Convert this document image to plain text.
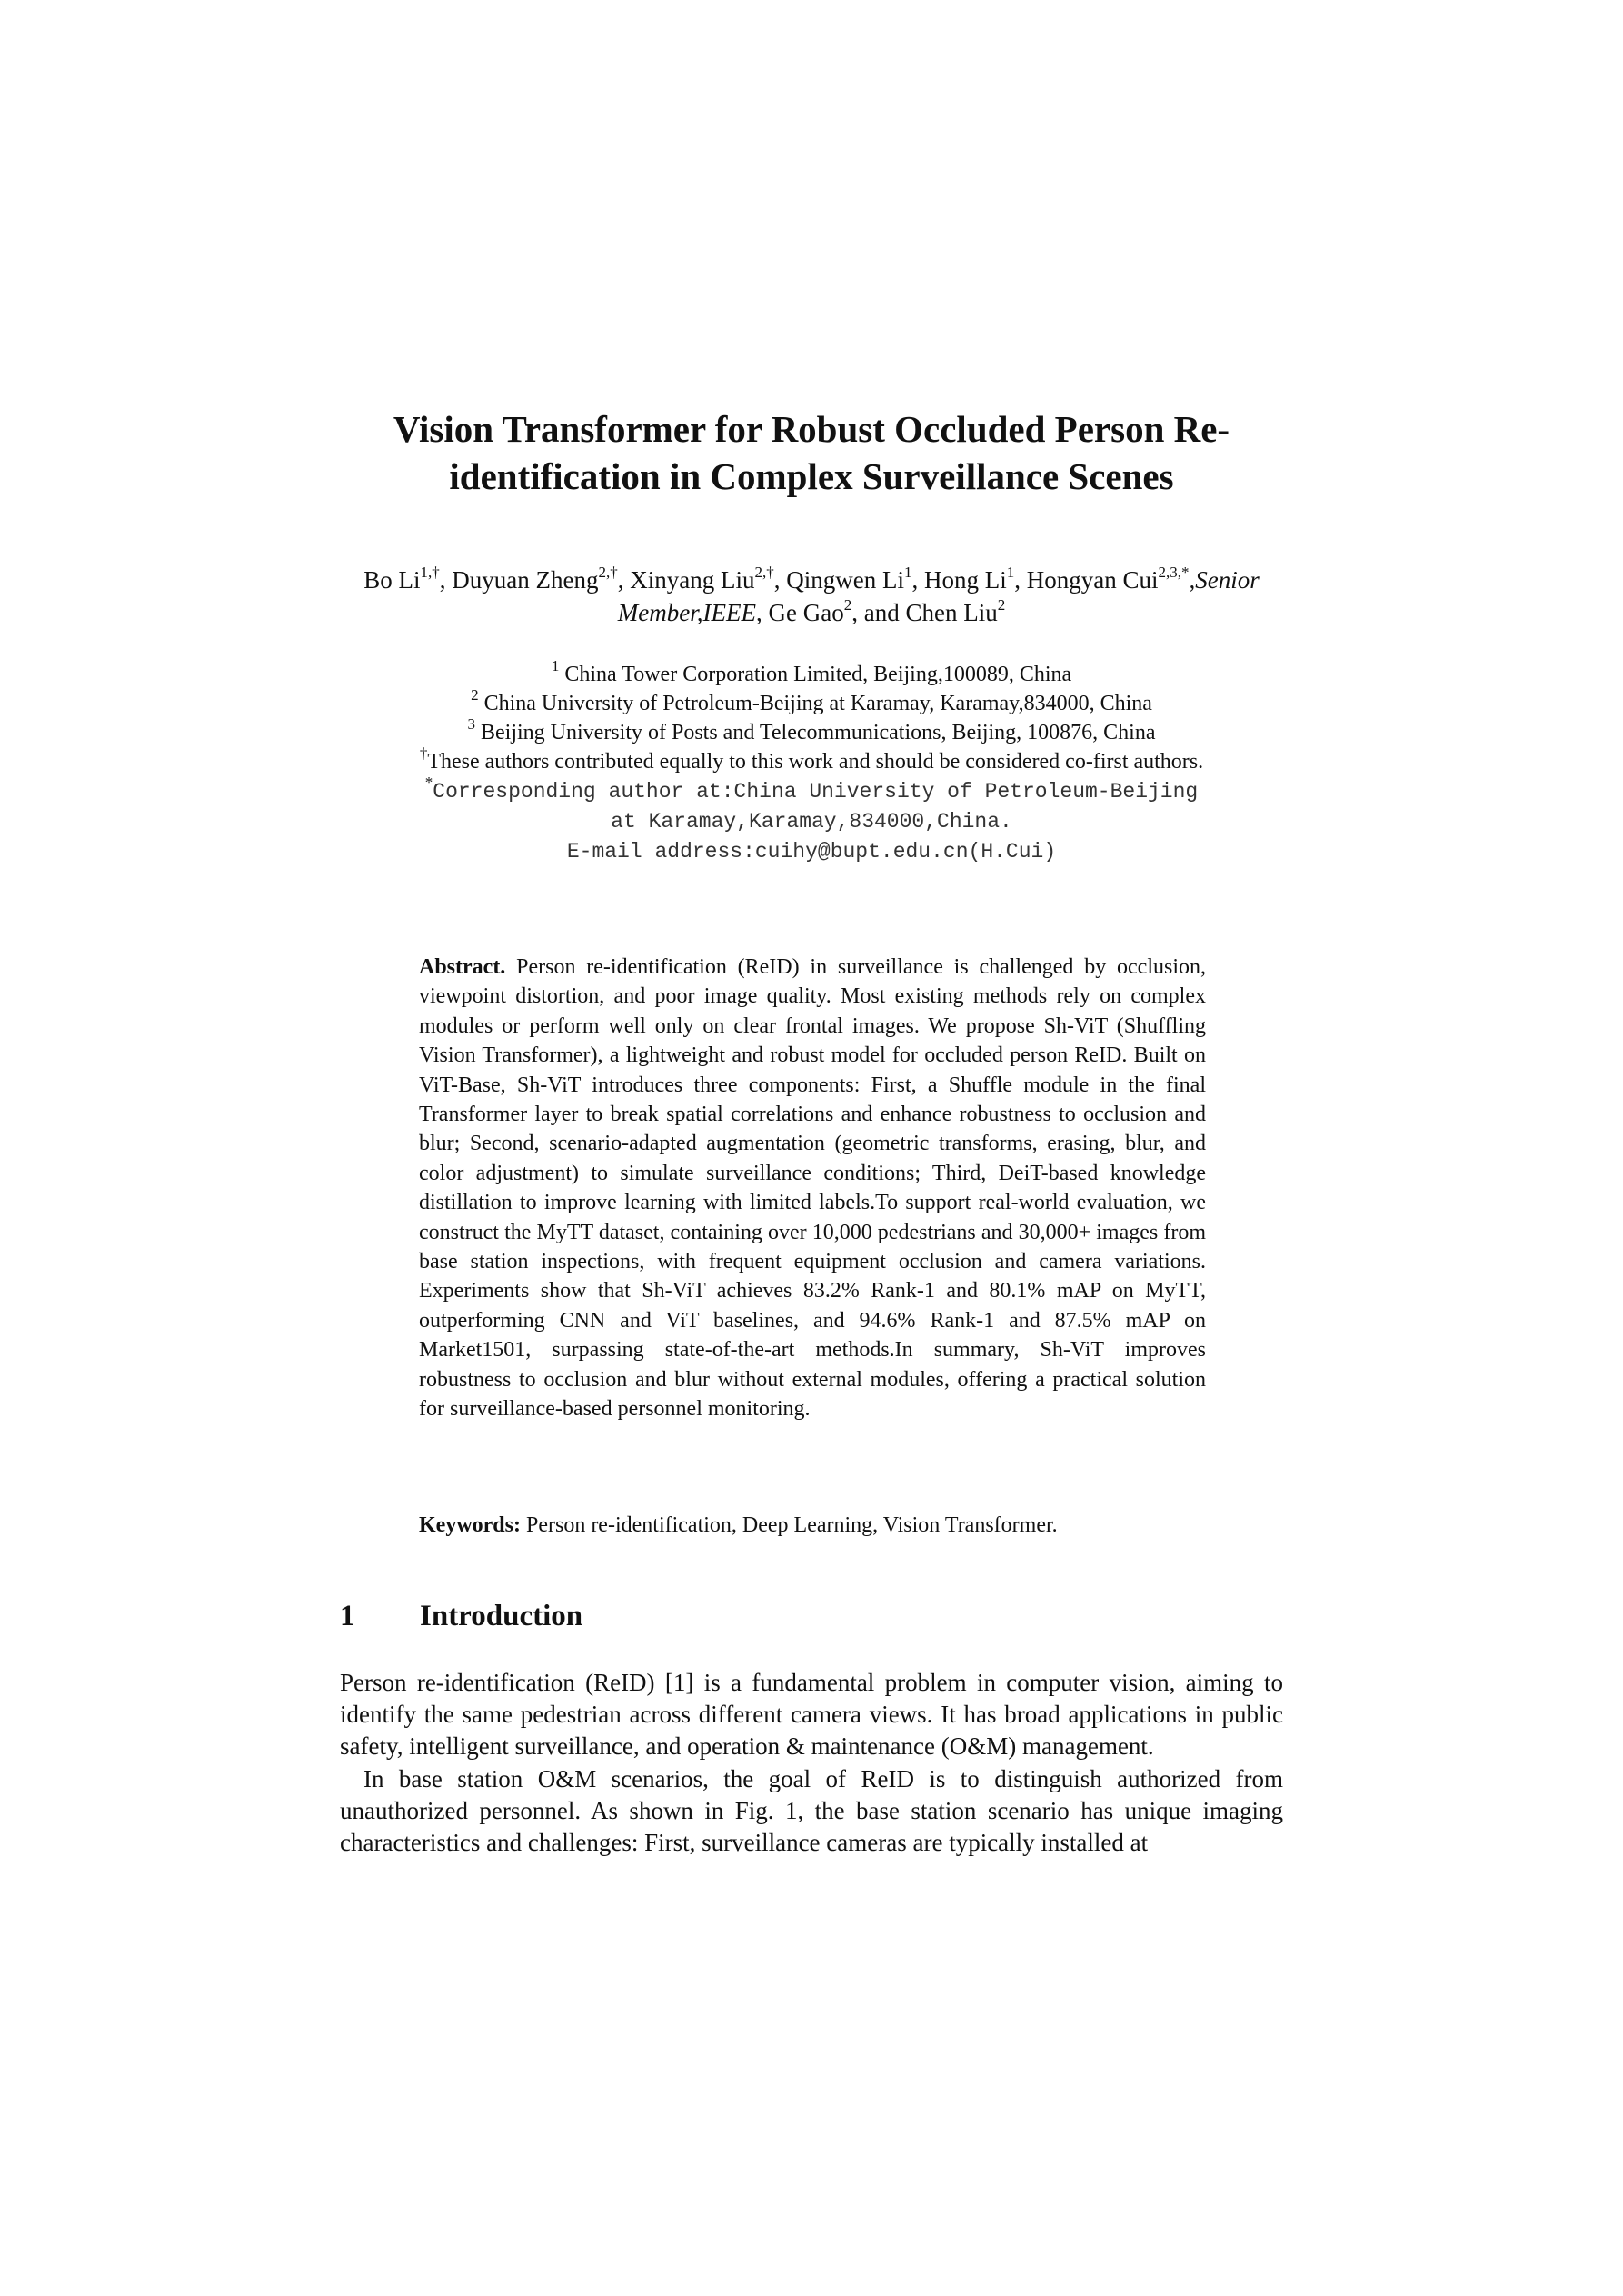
Vision Transformer for Robust Occluded Person Re-
identification in Complex Surveillance Scenes
Bo $Li^{1,\dagger}$, Duyuan Zheng$^{2,\dagger}$, Xinyang Liu$^{2,\dagger}$, Qingwen Li$^1$, Hong Li$^1$, Hongyan Cui$^{2,3,*}$,Senior Member,IEEE, Ge Gao$^2$, and Chen Liu$^2$
$^1$ China Tower Corporation Limited, Beijing,100089, China
$^2$ China University of Petroleum-Beijing at Karamay, Karamay,834000, China
$^3$ Beijing University of Posts and Telecommunications, Beijing, 100876, China
†These authors contributed equally to this work and should be considered co-first authors.
*Corresponding author at:China University of Petroleum-Beijing
at Karamay,Karamay,834000,China.
E-mail address:cuihy@bupt.edu.cn(H.Cui)
Abstract. Person re-identification (ReID) in surveillance is challenged by occlusion, viewpoint distortion, and poor image quality. Most existing methods rely on complex modules or perform well only on clear frontal images. We propose Sh-ViT (Shuffling Vision Transformer), a lightweight and robust model for occluded person ReID. Built on ViT-Base, Sh-ViT introduces three components: First, a Shuffle module in the final Transformer layer to break spatial correlations and enhance robustness to occlusion and blur; Second, scenario-adapted augmentation (geometric transforms, erasing, blur, and color adjustment) to simulate surveillance conditions; Third, DeiT-based knowledge distillation to improve learning with limited labels.To support real-world evaluation, we construct the MyTT dataset, containing over 10,000 pedestrians and 30,000+ images from base station inspections, with frequent equipment occlusion and camera variations. Experiments show that Sh-ViT achieves 83.2% Rank-1 and 80.1% mAP on MyTT, outperforming CNN and ViT baselines, and 94.6% Rank-1 and 87.5% mAP on Market1501, surpassing state-of-the-art methods.In summary, Sh-ViT improves robustness to occlusion and blur without external modules, offering a practical solution for surveillance-based personnel monitoring.
Keywords: Person re-identification, Deep Learning, Vision Transformer.
1 Introduction

Person re-identification (ReID) [1] is a fundamental problem in computer vision, aiming to identify the same pedestrian across different camera views. It has broad applications in public safety, intelligent surveillance, and operation & maintenance (O&M) management.

In base station O&M scenarios, the goal of ReID is to distinguish authorized from unauthorized personnel. As shown in Fig. 1, the base station scenario has unique imaging characteristics and challenges: First, surveillance cameras are typically installed at
